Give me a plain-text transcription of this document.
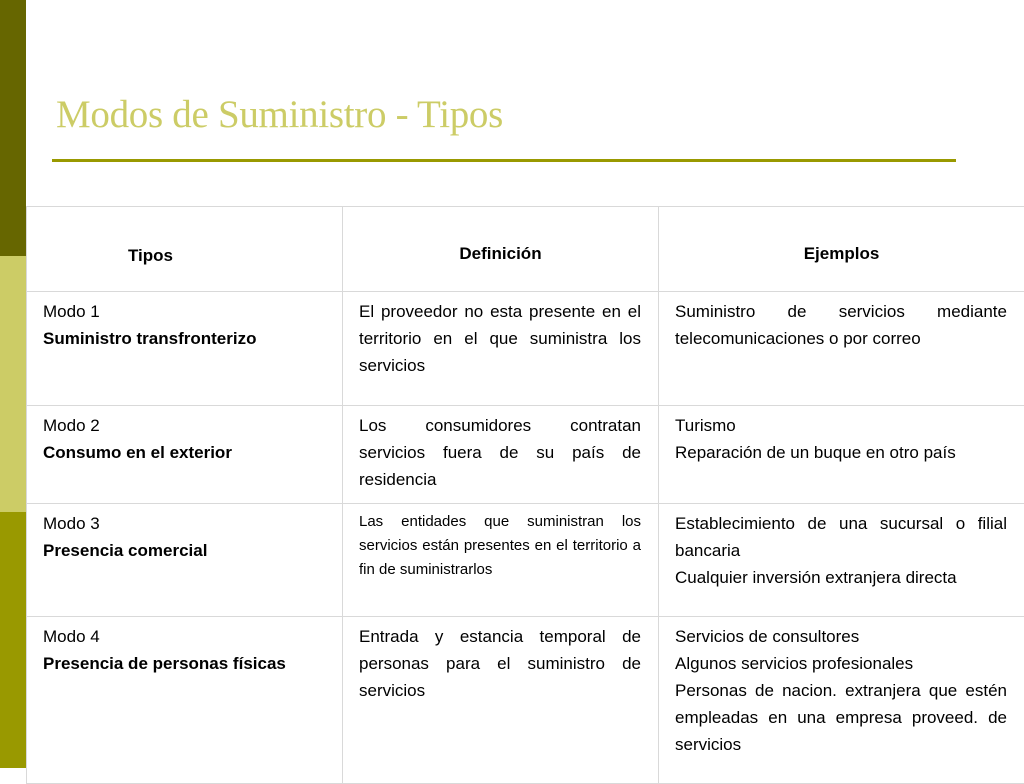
Modos de Suministro - Tipos
Tipos	Definición	Ejemplos

Modo 1
Suministro transfronterizo	El proveedor no esta presente en el territorio en el que suministra los servicios	Suministro de servicios mediante telecomunicaciones o por correo

Modo 2
Consumo en el exterior	Los consumidores contratan servicios fuera de su país de residencia	Turismo
Reparación de un buque en otro país

Modo 3
Presencia comercial	Las entidades que suministran los servicios están presentes en el territorio a fin de suministrarlos	Establecimiento de una sucursal o filial bancaria
Cualquier inversión extranjera directa

Modo 4
Presencia de personas físicas	Entrada y estancia temporal de personas para el suministro de servicios	Servicios de consultores
Algunos servicios profesionales
Personas de nacion. extranjera que estén empleadas en una empresa proveed. de servicios
